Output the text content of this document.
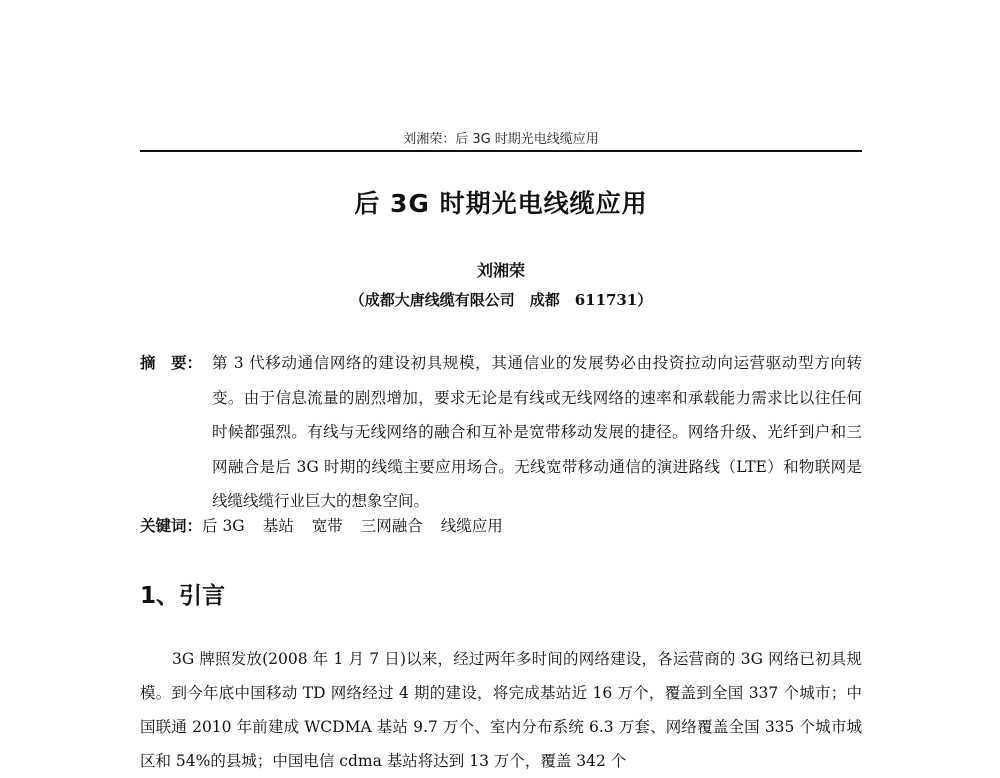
刘湘荣：后 3G 时期光电线缆应用
后 3G 时期光电线缆应用
刘湘荣
（成都大唐线缆有限公司　成都　611731）
摘　要： 第 3 代移动通信网络的建设初具规模，其通信业的发展势必由投资拉动向运营驱动型方向转变。由于信息流量的剧烈增加，要求无论是有线或无线网络的速率和承载能力需求比以往任何时候都强烈。有线与无线网络的融合和互补是宽带移动发展的捷径。网络升级、光纤到户和三网融合是后 3G 时期的线缆主要应用场合。无线宽带移动通信的演进路线（LTE）和物联网是线缆线缆行业巨大的想象空间。
关键词：后 3G 基站 宽带 三网融合 线缆应用
1、引言
3G 牌照发放(2008 年 1 月 7 日)以来，经过两年多时间的网络建设，各运营商的 3G 网络已初具规模。到今年底中国移动 TD 网络经过 4 期的建设，将完成基站近 16 万个，覆盖到全国 337 个城市；中国联通 2010 年前建成 WCDMA 基站 9.7 万个、室内分布系统 6.3 万套、网络覆盖全国 335 个城市城区和 54%的县城；中国电信 cdma 基站将达到 13 万个，覆盖 342 个
